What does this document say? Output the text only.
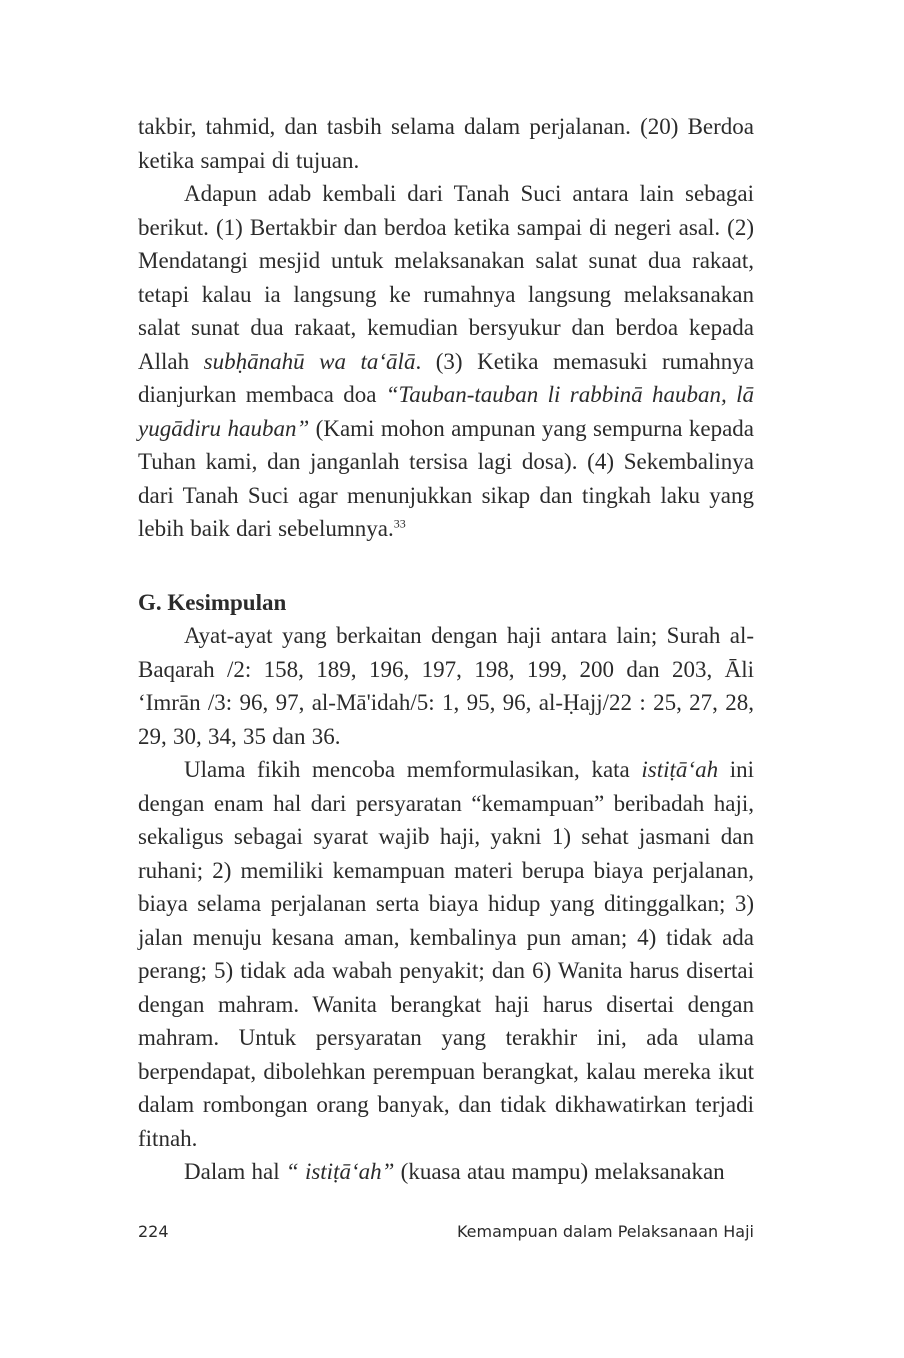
takbir, tahmid, dan tasbih selama dalam perjalanan. (20) Berdoa ketika sampai di tujuan.

Adapun adab kembali dari Tanah Suci antara lain sebagai berikut. (1) Bertakbir dan berdoa ketika sampai di negeri asal. (2) Mendatangi mesjid untuk melaksanakan salat sunat dua rakaat, tetapi kalau ia langsung ke rumahnya langsung melaksanakan salat sunat dua rakaat, kemudian bersyukur dan berdoa kepada Allah subḥānahū wa ta‘ālā. (3) Ketika memasuki rumahnya dianjurkan membaca doa “Tauban-tauban li rabbinā hauban, lā yugādiru hauban” (Kami mohon ampunan yang sempurna kepada Tuhan kami, dan janganlah tersisa lagi dosa). (4) Sekembalinya dari Tanah Suci agar menunjukkan sikap dan tingkah laku yang lebih baik dari sebelumnya.$^{33}$

G. Kesimpulan

Ayat-ayat yang berkaitan dengan haji antara lain; Surah al-Baqarah /2: 158, 189, 196, 197, 198, 199, 200 dan 203, Āli ‘Imrān /3: 96, 97, al-Mā'idah/5: 1, 95, 96, al-Ḥajj/22 : 25, 27, 28, 29, 30, 34, 35 dan 36.

Ulama fikih mencoba memformulasikan, kata istiṭā‘ah ini dengan enam hal dari persyaratan “kemampuan” beribadah haji, sekaligus sebagai syarat wajib haji, yakni 1) sehat jasmani dan ruhani; 2) memiliki kemampuan materi berupa biaya perjalanan, biaya selama perjalanan serta biaya hidup yang ditinggalkan; 3) jalan menuju kesana aman, kembalinya pun aman; 4) tidak ada perang; 5) tidak ada wabah penyakit; dan 6) Wanita harus disertai dengan mahram. Wanita berangkat haji harus disertai dengan mahram. Untuk persyaratan yang terakhir ini, ada ulama berpendapat, dibolehkan perempuan berangkat, kalau mereka ikut dalam rombongan orang banyak, dan tidak dikhawatirkan terjadi fitnah.

Dalam hal “ istiṭā‘ah” (kuasa atau mampu) melaksanakan

224	Kemampuan dalam Pelaksanaan Haji
